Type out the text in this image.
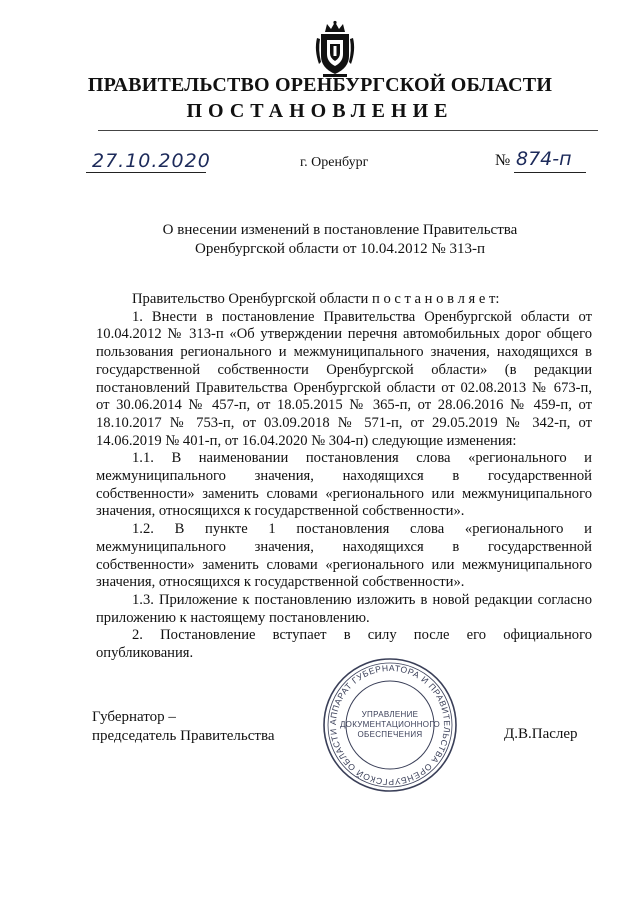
ПРАВИТЕЛЬСТВО ОРЕНБУРГСКОЙ ОБЛАСТИ
ПОСТАНОВЛЕНИЕ
27.10.2020	г. Оренбург	№ 874-п
О внесении изменений в постановление Правительства
Оренбургской области от 10.04.2012 № 313-п

Правительство Оренбургской области п о с т а н о в л я е т:

1. Внести в постановление Правительства Оренбургской области от 10.04.2012 № 313-п «Об утверждении перечня автомобильных дорог общего пользования регионального и межмуниципального значения, находящихся в государственной собственности Оренбургской области» (в редакции постановлений Правительства Оренбургской области от 02.08.2013 № 673-п, от 30.06.2014 № 457-п, от 18.05.2015 № 365-п, от 28.06.2016 № 459-п, от 18.10.2017 № 753-п, от 03.09.2018 № 571-п, от 29.05.2019 № 342-п, от 14.06.2019 № 401-п, от 16.04.2020 № 304-п) следующие изменения:

1.1. В наименовании постановления слова «регионального и межмуниципального значения, находящихся в государственной собственности» заменить словами «регионального или межмуниципального значения, относящихся к государственной собственности».

1.2. В пункте 1 постановления слова «регионального и межмуниципального значения, находящихся в государственной собственности» заменить словами «регионального или межмуниципального значения, относящихся к государственной собственности».

1.3. Приложение к постановлению изложить в новой редакции согласно приложению к настоящему постановлению.

2. Постановление вступает в силу после его официального опубликования.

АППАРАТ ГУБЕРНАТОРА И ПРАВИТЕЛЬСТВА ОРЕНБУРГСКОЙ ОБЛАСТИ
УПРАВЛЕНИЕ
ДОКУМЕНТАЦИОННОГО
ОБЕСПЕЧЕНИЯ
Губернатор –
председатель Правительства	Д.В.Паслер
